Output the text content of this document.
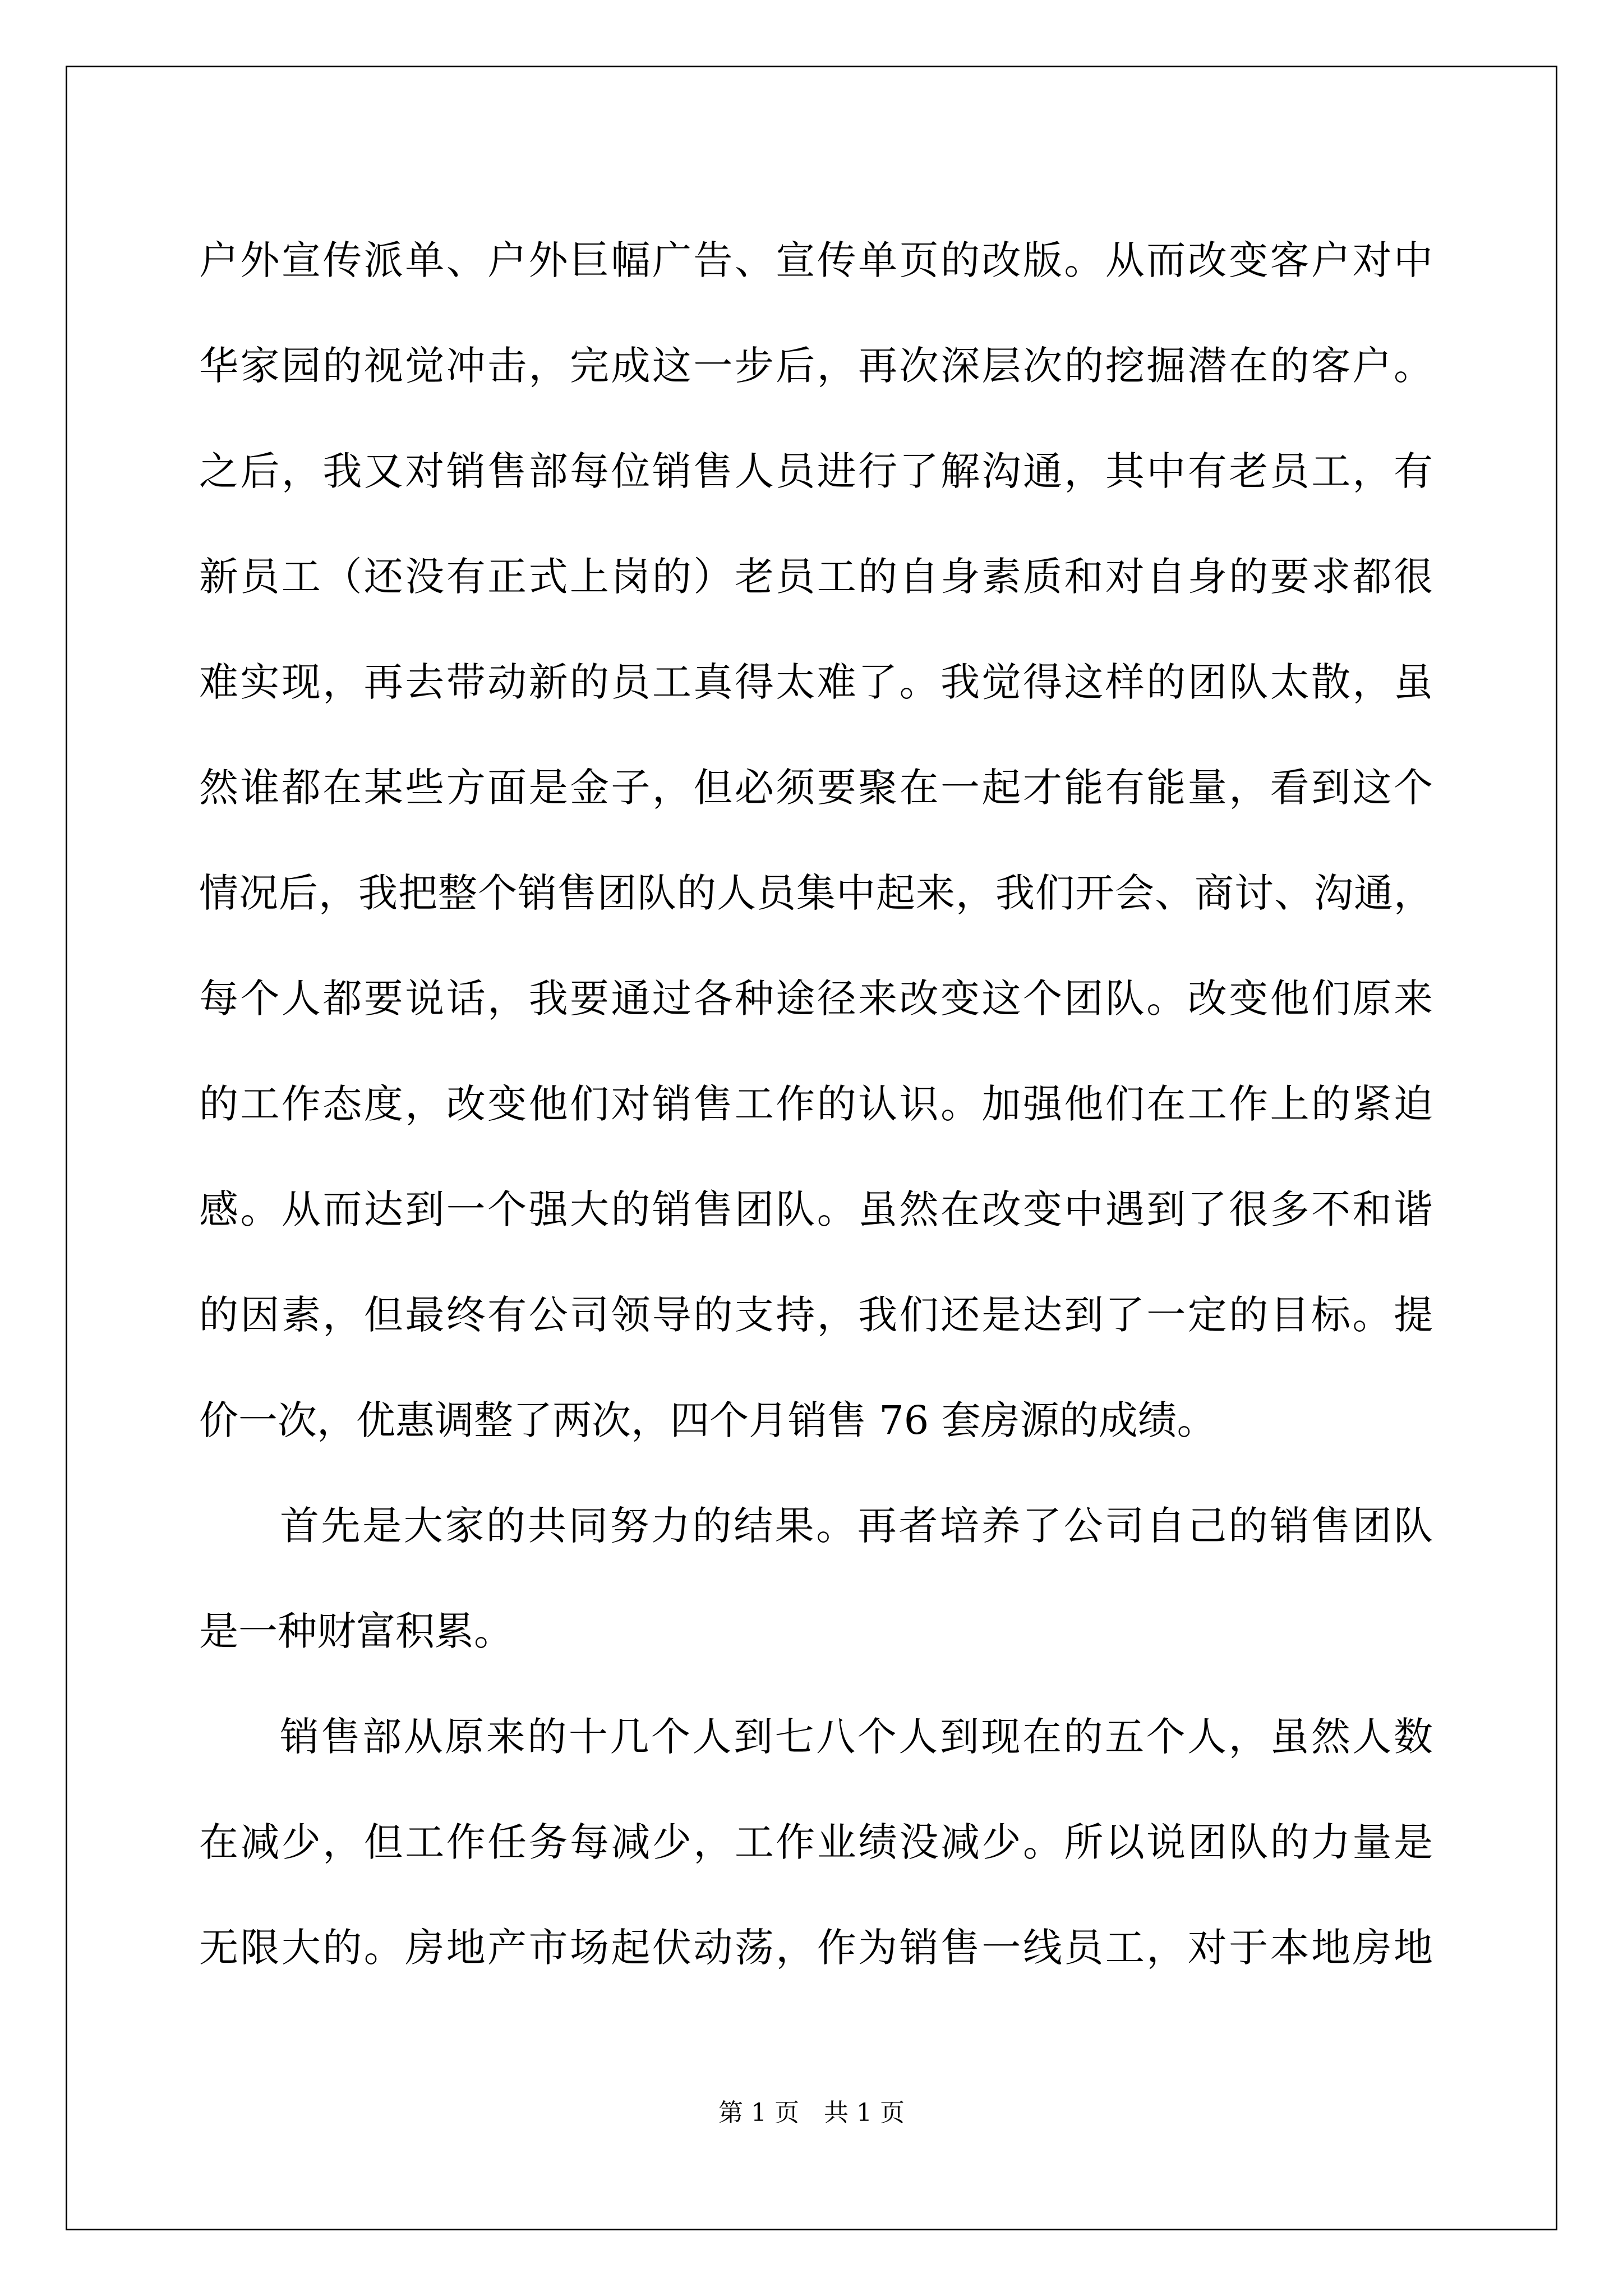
户外宣传派单、户外巨幅广告、宣传单页的改版。从而改变客户对中
华家园的视觉冲击，完成这一步后，再次深层次的挖掘潜在的客户。
之后，我又对销售部每位销售人员进行了解沟通，其中有老员工，有
新员工（还没有正式上岗的）老员工的自身素质和对自身的要求都很
难实现，再去带动新的员工真得太难了。我觉得这样的团队太散，虽
然谁都在某些方面是金子，但必须要聚在一起才能有能量，看到这个
情况后，我把整个销售团队的人员集中起来，我们开会、商讨、沟通，
每个人都要说话，我要通过各种途径来改变这个团队。改变他们原来
的工作态度，改变他们对销售工作的认识。加强他们在工作上的紧迫
感。从而达到一个强大的销售团队。虽然在改变中遇到了很多不和谐
的因素，但最终有公司领导的支持，我们还是达到了一定的目标。提
价一次，优惠调整了两次，四个月销售 76 套房源的成绩。
首先是大家的共同努力的结果。再者培养了公司自己的销售团队
是一种财富积累。
销售部从原来的十几个人到七八个人到现在的五个人，虽然人数
在减少，但工作任务每减少，工作业绩没减少。所以说团队的力量是
无限大的。房地产市场起伏动荡，作为销售一线员工，对于本地房地
第 1 页　共 1 页
